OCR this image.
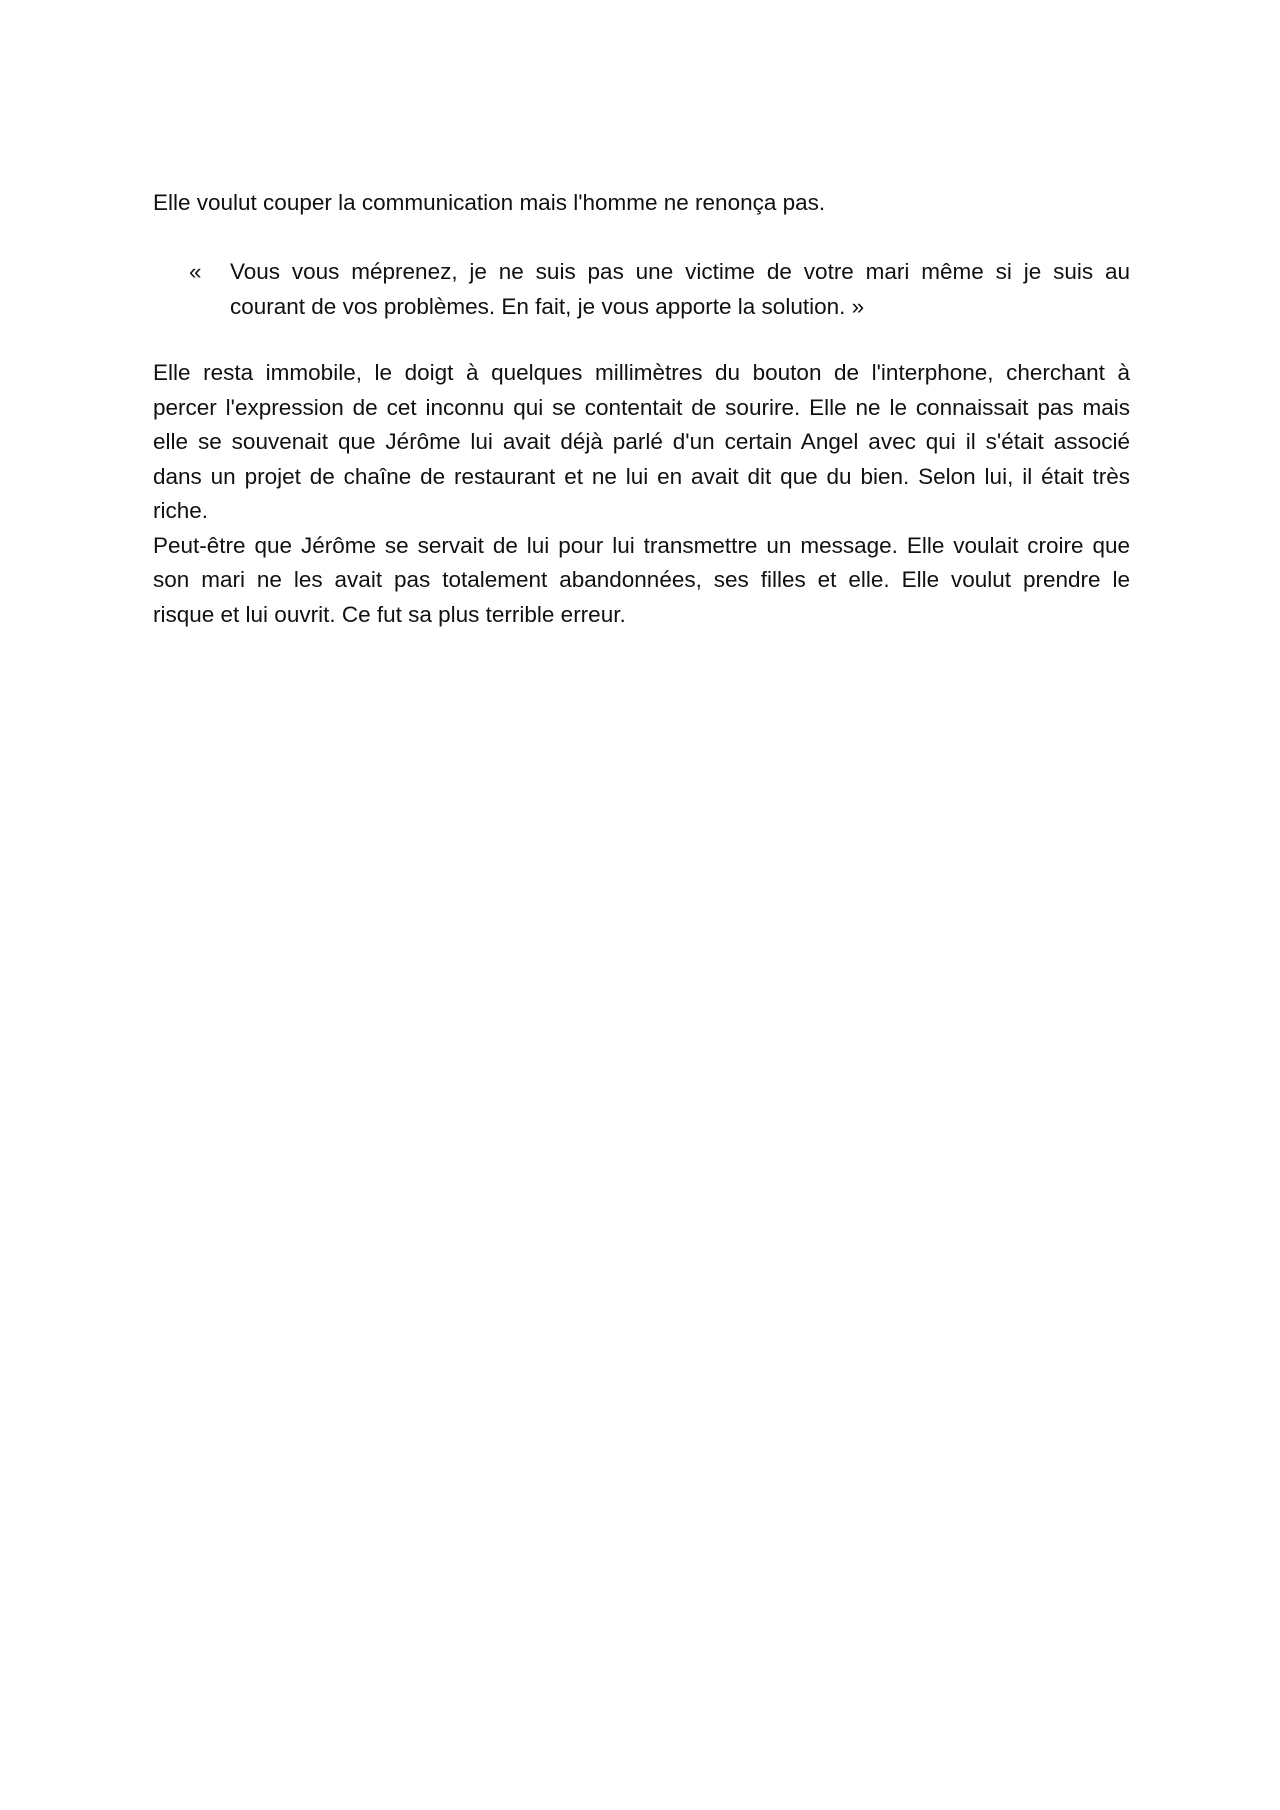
Elle voulut couper la communication mais l'homme ne renonça pas.
« Vous vous méprenez, je ne suis pas une victime de votre mari même si je suis au
courant de vos problèmes. En fait, je vous apporte la solution. »
Elle resta immobile, le doigt à quelques millimètres du bouton de l'interphone, cherchant à
percer l'expression de cet inconnu qui se contentait de sourire. Elle ne le connaissait pas mais
elle se souvenait que Jérôme lui avait déjà parlé d'un certain Angel avec qui il s'était associé
dans un projet de chaîne de restaurant et ne lui en avait dit que du bien. Selon lui, il était très
riche.
Peut-être que Jérôme se servait de lui pour lui transmettre un message. Elle voulait croire que
son mari ne les avait pas totalement abandonnées, ses filles et elle. Elle voulut prendre le
risque et lui ouvrit. Ce fut sa plus terrible erreur.
